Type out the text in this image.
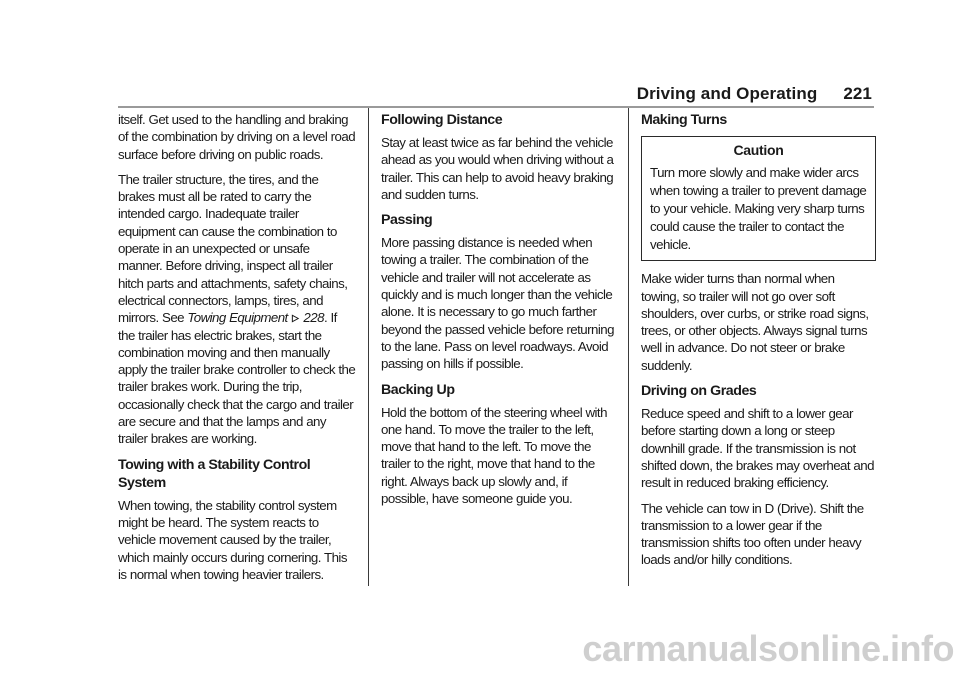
Driving and Operating 221

itself. Get used to the handling and braking of the combination by driving on a level road surface before driving on public roads.

The trailer structure, the tires, and the brakes must all be rated to carry the intended cargo. Inadequate trailer equipment can cause the combination to operate in an unexpected or unsafe manner. Before driving, inspect all trailer hitch parts and attachments, safety chains, electrical connectors, lamps, tires, and mirrors. See Towing Equipment 228. If the trailer has electric brakes, start the combination moving and then manually apply the trailer brake controller to check the trailer brakes work. During the trip, occasionally check that the cargo and trailer are secure and that the lamps and any trailer brakes are working.

Towing with a Stability Control System

When towing, the stability control system might be heard. The system reacts to vehicle movement caused by the trailer, which mainly occurs during cornering. This is normal when towing heavier trailers.

Following Distance

Stay at least twice as far behind the vehicle ahead as you would when driving without a trailer. This can help to avoid heavy braking and sudden turns.

Passing

More passing distance is needed when towing a trailer. The combination of the vehicle and trailer will not accelerate as quickly and is much longer than the vehicle alone. It is necessary to go much farther beyond the passed vehicle before returning to the lane. Pass on level roadways. Avoid passing on hills if possible.

Backing Up

Hold the bottom of the steering wheel with one hand. To move the trailer to the left, move that hand to the left. To move the trailer to the right, move that hand to the right. Always back up slowly and, if possible, have someone guide you.

Making Turns
Caution

Turn more slowly and make wider arcs when towing a trailer to prevent damage to your vehicle. Making very sharp turns could cause the trailer to contact the vehicle.

Make wider turns than normal when towing, so trailer will not go over soft shoulders, over curbs, or strike road signs, trees, or other objects. Always signal turns well in advance. Do not steer or brake suddenly.

Driving on Grades

Reduce speed and shift to a lower gear before starting down a long or steep downhill grade. If the transmission is not shifted down, the brakes may overheat and result in reduced braking efficiency.

The vehicle can tow in D (Drive). Shift the transmission to a lower gear if the transmission shifts too often under heavy loads and/or hilly conditions.

carmanualsonline.info
